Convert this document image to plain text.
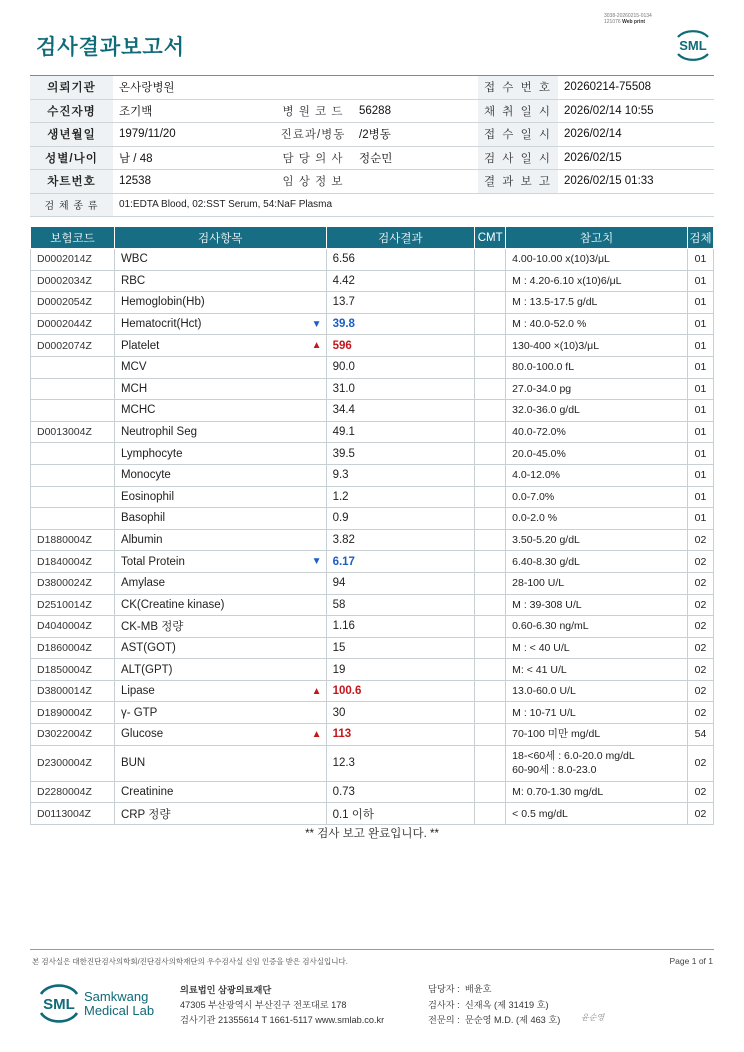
검사결과보고서
3038-20260215-0134
121076 Web print
SML
의뢰기관	온사랑병원			접 수 번 호	20260214-75508
수진자명	조기백	병 원 코 드	56288	채 취 일 시	2026/02/14 10:55
생년월일	1979/11/20	진료과/병동	/2병동	접 수 일 시	2026/02/14
성별/나이	남 / 48	담 당 의 사	정순민	검 사 일 시	2026/02/15
차트번호	12538	임 상 정 보		결 과 보 고	2026/02/15 01:33
검 체 종 류	01:EDTA Blood, 02:SST Serum, 54:NaF Plasma				
보험코드	검사항목	검사결과	CMT	참고치	검체
D0002014Z	WBC	6.56		4.00-10.00 x(10)3/μL	01
D0002034Z	RBC	4.42		M : 4.20-6.10 x(10)6/μL	01
D0002054Z	Hemoglobin(Hb)	13.7		M : 13.5-17.5 g/dL	01
D0002044Z	Hematocrit(Hct) ▼	39.8		M : 40.0-52.0 %	01
D0002074Z	Platelet ▲	596		130-400 ×(10)3/μL	01
	MCV	90.0		80.0-100.0 fL	01
	MCH	31.0		27.0-34.0 pg	01
	MCHC	34.4		32.0-36.0 g/dL	01
D0013004Z	Neutrophil Seg	49.1		40.0-72.0%	01
	Lymphocyte	39.5		20.0-45.0%	01
	Monocyte	9.3		4.0-12.0%	01
	Eosinophil	1.2		0.0-7.0%	01
	Basophil	0.9		0.0-2.0 %	01
D1880004Z	Albumin	3.82		3.50-5.20 g/dL	02
D1840004Z	Total Protein ▼	6.17		6.40-8.30 g/dL	02
D3800024Z	Amylase	94		28-100 U/L	02
D2510014Z	CK(Creatine kinase)	58		M : 39-308 U/L	02
D4040004Z	CK-MB 정량	1.16		0.60-6.30 ng/mL	02
D1860004Z	AST(GOT)	15		M : < 40 U/L	02
D1850004Z	ALT(GPT)	19		M: < 41 U/L	02
D3800014Z	Lipase ▲	100.6		13.0-60.0 U/L	02
D1890004Z	γ- GTP	30		M : 10-71 U/L	02
D3022004Z	Glucose ▲	113		70-100 미만 mg/dL	54
D2300004Z	BUN	12.3		18-<60세 : 6.0-20.0 mg/dL
60-90세 : 8.0-23.0	02
D2280004Z	Creatinine	0.73		M: 0.70-1.30 mg/dL	02
D0113004Z	CRP 정량	0.1 이하		< 0.5 mg/dL	02
** 검사 보고 완료입니다. **
본 검사실은 대한진단검사의학회/진단검사의학재단의 우수검사실 신임 인증을 받은 검사실입니다.	Page 1 of 1
SML Samkwang
Medical Lab
의료법인 삼광의료재단
47305 부산광역시 부산진구 전포대로 178
검사기관 21355614 T 1661-5117 www.smlab.co.kr
담당자 : 배윤호
검사자 : 신재옥 (제 31419 호)
전문의 : 문순영 M.D. (제 463 호)	윤순영
